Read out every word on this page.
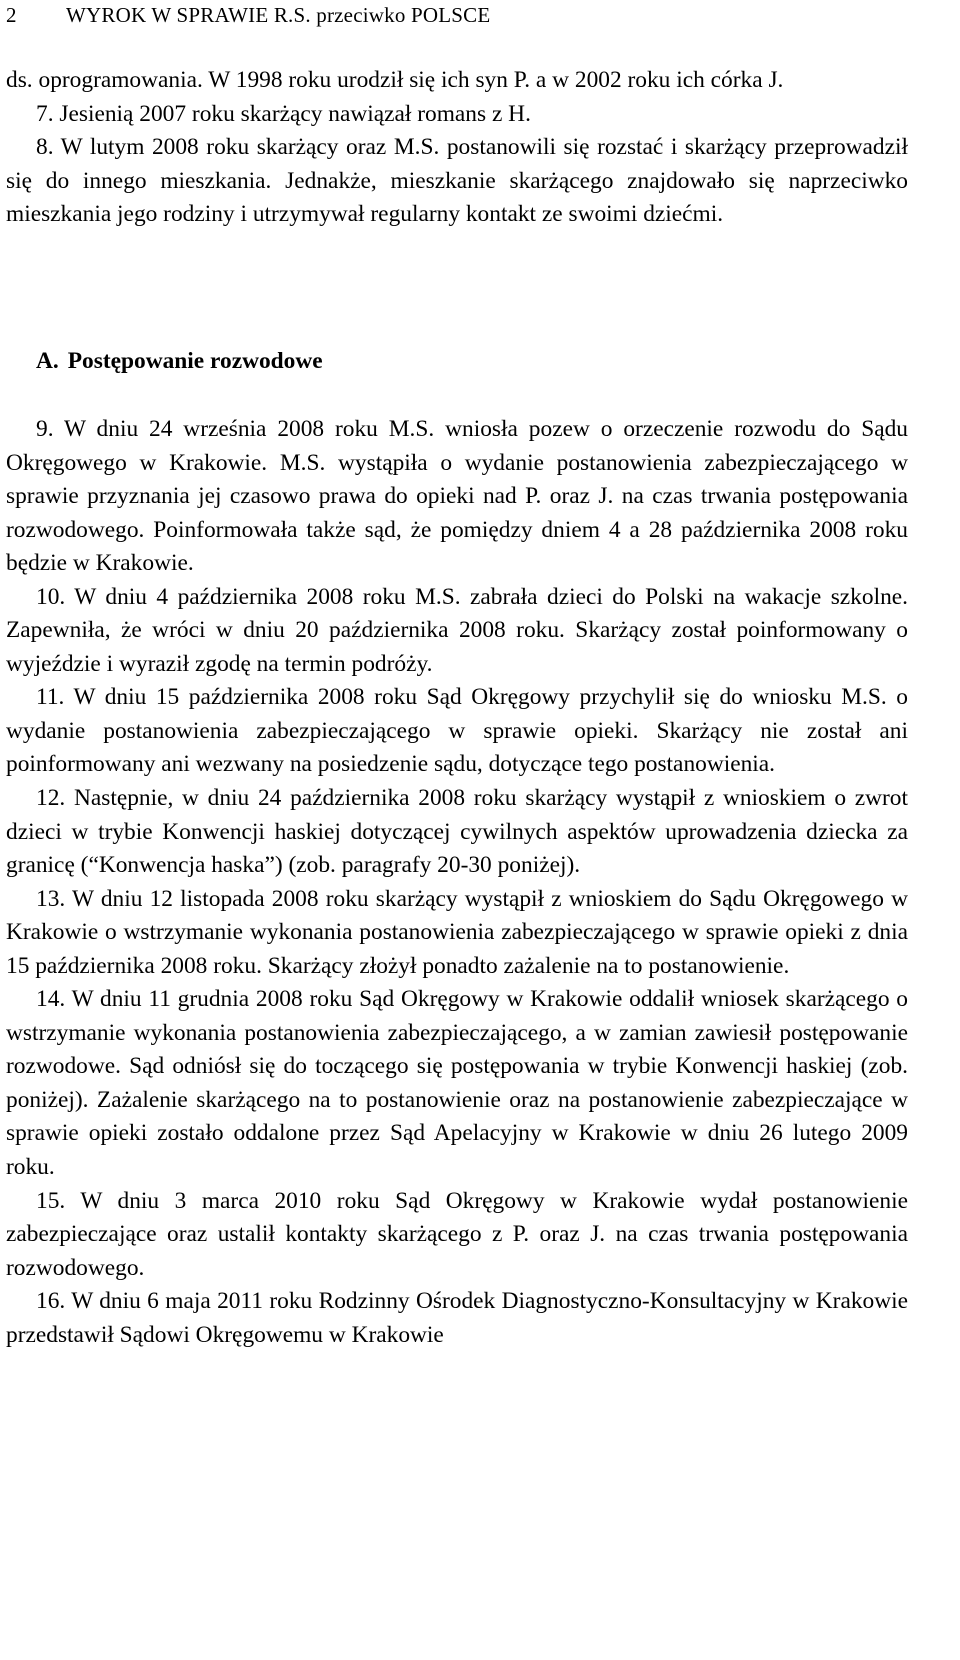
2 WYROK W SPRAWIE R.S. przeciwko POLSCE

ds. oprogramowania. W 1998 roku urodził się ich syn P. a w 2002 roku ich córka J.

7. Jesienią 2007 roku skarżący nawiązał romans z H.

8. W lutym 2008 roku skarżący oraz M.S. postanowili się rozstać i skarżący przeprowadził się do innego mieszkania. Jednakże, mieszkanie skarżącego znajdowało się naprzeciwko mieszkania jego rodziny i utrzymywał regularny kontakt ze swoimi dziećmi.

A. Postępowanie rozwodowe

9. W dniu 24 września 2008 roku M.S. wniosła pozew o orzeczenie rozwodu do Sądu Okręgowego w Krakowie. M.S. wystąpiła o wydanie postanowienia zabezpieczającego w sprawie przyznania jej czasowo prawa do opieki nad P. oraz J. na czas trwania postępowania rozwodowego. Poinformowała także sąd, że pomiędzy dniem 4 a 28 października 2008 roku będzie w Krakowie.

10. W dniu 4 października 2008 roku M.S. zabrała dzieci do Polski na wakacje szkolne. Zapewniła, że wróci w dniu 20 października 2008 roku. Skarżący został poinformowany o wyjeździe i wyraził zgodę na termin podróży.

11. W dniu 15 października 2008 roku Sąd Okręgowy przychylił się do wniosku M.S. o wydanie postanowienia zabezpieczającego w sprawie opieki. Skarżący nie został ani poinformowany ani wezwany na posiedzenie sądu, dotyczące tego postanowienia.

12. Następnie, w dniu 24 października 2008 roku skarżący wystąpił z wnioskiem o zwrot dzieci w trybie Konwencji haskiej dotyczącej cywilnych aspektów uprowadzenia dziecka za granicę (“Konwencja haska”) (zob. paragrafy 20-30 poniżej).

13. W dniu 12 listopada 2008 roku skarżący wystąpił z wnioskiem do Sądu Okręgowego w Krakowie o wstrzymanie wykonania postanowienia zabezpieczającego w sprawie opieki z dnia 15 października 2008 roku. Skarżący złożył ponadto zażalenie na to postanowienie.

14. W dniu 11 grudnia 2008 roku Sąd Okręgowy w Krakowie oddalił wniosek skarżącego o wstrzymanie wykonania postanowienia zabezpieczającego, a w zamian zawiesił postępowanie rozwodowe. Sąd odniósł się do toczącego się postępowania w trybie Konwencji haskiej (zob. poniżej). Zażalenie skarżącego na to postanowienie oraz na postanowienie zabezpieczające w sprawie opieki zostało oddalone przez Sąd Apelacyjny w Krakowie w dniu 26 lutego 2009 roku.

15. W dniu 3 marca 2010 roku Sąd Okręgowy w Krakowie wydał postanowienie zabezpieczające oraz ustalił kontakty skarżącego z P. oraz J. na czas trwania postępowania rozwodowego.

16. W dniu 6 maja 2011 roku Rodzinny Ośrodek Diagnostyczno-Konsultacyjny w Krakowie przedstawił Sądowi Okręgowemu w Krakowie
